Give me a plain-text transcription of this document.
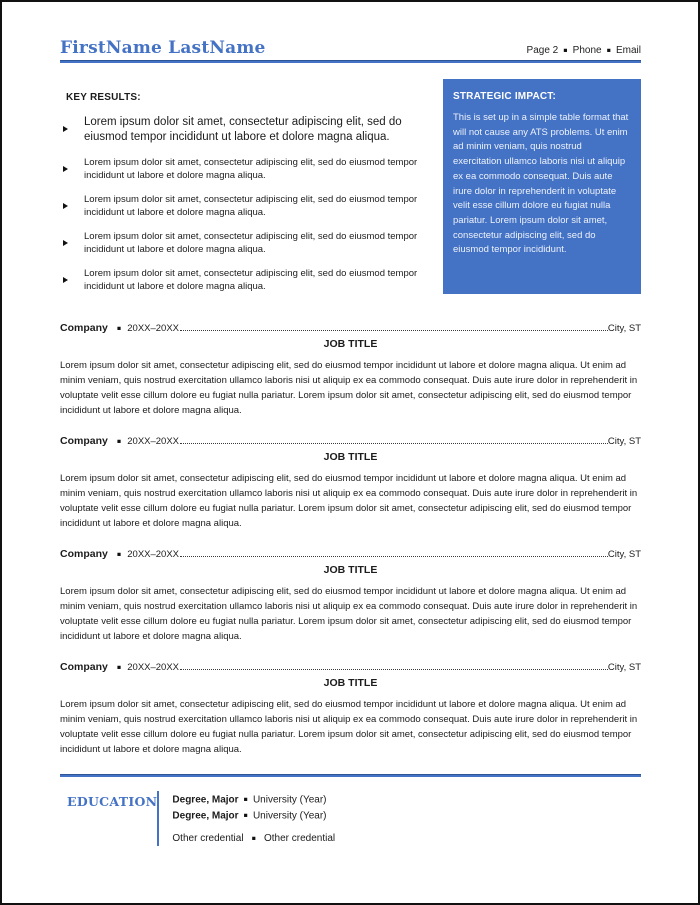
FirstName LastName	Page 2 ▪ Phone ▪ Email
KEY RESULTS:
Lorem ipsum dolor sit amet, consectetur adipiscing elit, sed do eiusmod tempor incididunt ut labore et dolore magna aliqua.
Lorem ipsum dolor sit amet, consectetur adipiscing elit, sed do eiusmod tempor incididunt ut labore et dolore magna aliqua.
Lorem ipsum dolor sit amet, consectetur adipiscing elit, sed do eiusmod tempor incididunt ut labore et dolore magna aliqua.
Lorem ipsum dolor sit amet, consectetur adipiscing elit, sed do eiusmod tempor incididunt ut labore et dolore magna aliqua.
Lorem ipsum dolor sit amet, consectetur adipiscing elit, sed do eiusmod tempor incididunt ut labore et dolore magna aliqua.
STRATEGIC IMPACT:
This is set up in a simple table format that will not cause any ATS problems. Ut enim ad minim veniam, quis nostrud exercitation ullamco laboris nisi ut aliquip ex ea commodo consequat. Duis aute irure dolor in reprehenderit in voluptate velit esse cillum dolore eu fugiat nulla pariatur. Lorem ipsum dolor sit amet, consectetur adipiscing elit, sed do eiusmod tempor incididunt.
Company ▪ 20XX–20XX	City, ST
JOB TITLE
Lorem ipsum dolor sit amet, consectetur adipiscing elit, sed do eiusmod tempor incididunt ut labore et dolore magna aliqua. Ut enim ad minim veniam, quis nostrud exercitation ullamco laboris nisi ut aliquip ex ea commodo consequat. Duis aute irure dolor in reprehenderit in voluptate velit esse cillum dolore eu fugiat nulla pariatur. Lorem ipsum dolor sit amet, consectetur adipiscing elit, sed do eiusmod tempor incididunt ut labore et dolore magna aliqua.
Company ▪ 20XX–20XX	City, ST
JOB TITLE
Lorem ipsum dolor sit amet, consectetur adipiscing elit, sed do eiusmod tempor incididunt ut labore et dolore magna aliqua. Ut enim ad minim veniam, quis nostrud exercitation ullamco laboris nisi ut aliquip ex ea commodo consequat. Duis aute irure dolor in reprehenderit in voluptate velit esse cillum dolore eu fugiat nulla pariatur. Lorem ipsum dolor sit amet, consectetur adipiscing elit, sed do eiusmod tempor incididunt ut labore et dolore magna aliqua.
Company ▪ 20XX–20XX	City, ST
JOB TITLE
Lorem ipsum dolor sit amet, consectetur adipiscing elit, sed do eiusmod tempor incididunt ut labore et dolore magna aliqua. Ut enim ad minim veniam, quis nostrud exercitation ullamco laboris nisi ut aliquip ex ea commodo consequat. Duis aute irure dolor in reprehenderit in voluptate velit esse cillum dolore eu fugiat nulla pariatur. Lorem ipsum dolor sit amet, consectetur adipiscing elit, sed do eiusmod tempor incididunt ut labore et dolore magna aliqua.
Company ▪ 20XX–20XX	City, ST
JOB TITLE
Lorem ipsum dolor sit amet, consectetur adipiscing elit, sed do eiusmod tempor incididunt ut labore et dolore magna aliqua. Ut enim ad minim veniam, quis nostrud exercitation ullamco laboris nisi ut aliquip ex ea commodo consequat. Duis aute irure dolor in reprehenderit in voluptate velit esse cillum dolore eu fugiat nulla pariatur. Lorem ipsum dolor sit amet, consectetur adipiscing elit, sed do eiusmod tempor incididunt ut labore et dolore magna aliqua.
EDUCATION Degree, Major ▪ University (Year)
Degree, Major ▪ University (Year)
Other credential ▪ Other credential
